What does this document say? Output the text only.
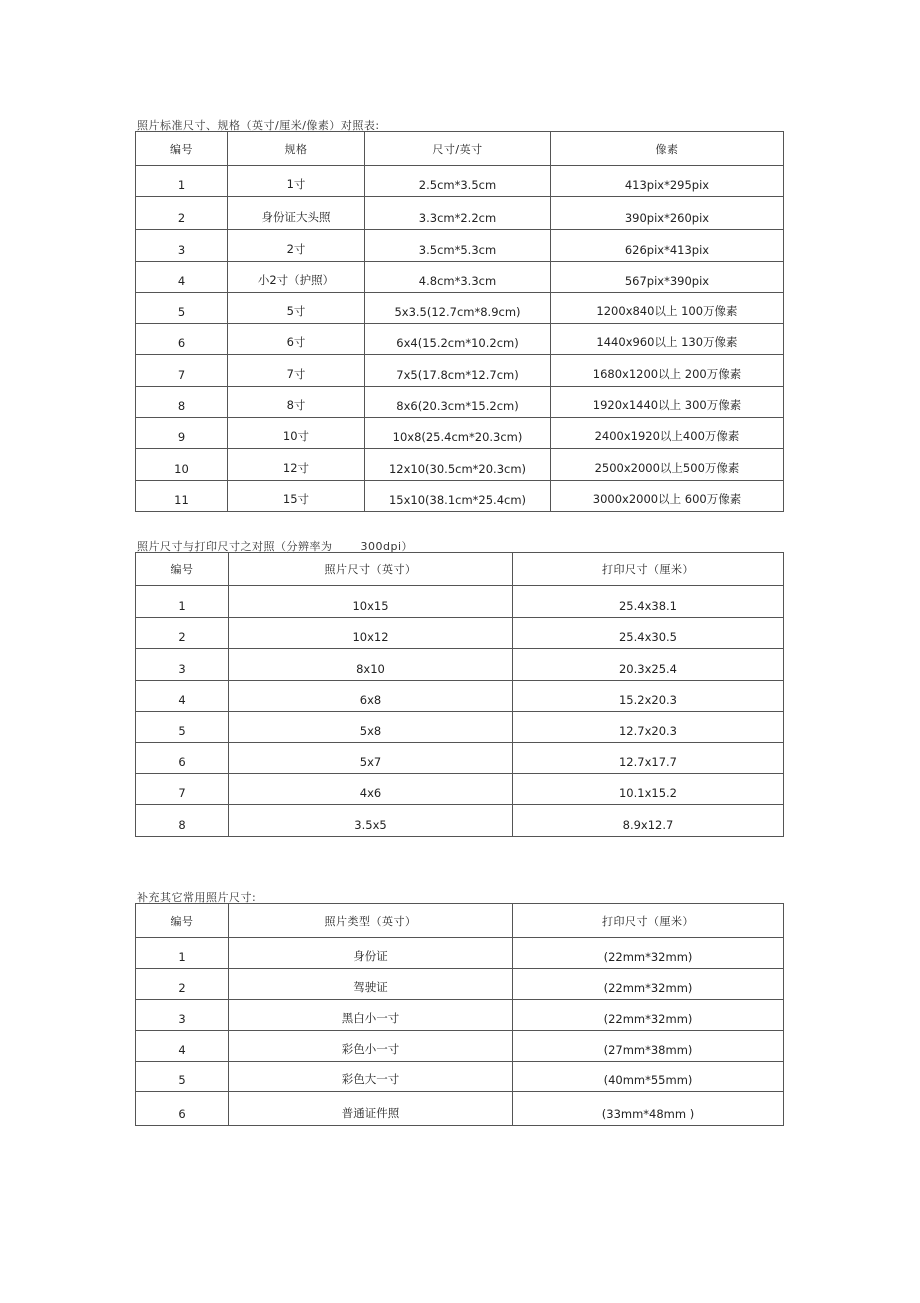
照片标准尺寸、规格（英寸/厘米/像素）对照表:
编号	规格	尺寸/英寸	像素
1	1寸	2.5cm*3.5cm	413pix*295pix
2	身份证大头照	3.3cm*2.2cm	390pix*260pix
3	2寸	3.5cm*5.3cm	626pix*413pix
4	小2寸（护照）	4.8cm*3.3cm	567pix*390pix
5	5寸	5x3.5(12.7cm*8.9cm)	1200x840以上 100万像素
6	6寸	6x4(15.2cm*10.2cm)	1440x960以上 130万像素
7	7寸	7x5(17.8cm*12.7cm)	1680x1200以上 200万像素
8	8寸	8x6(20.3cm*15.2cm)	1920x1440以上 300万像素
9	10寸	10x8(25.4cm*20.3cm)	2400x1920以上400万像素
10	12寸	12x10(30.5cm*20.3cm)	2500x2000以上500万像素
11	15寸	15x10(38.1cm*25.4cm)	3000x2000以上 600万像素
照片尺寸与打印尺寸之对照（分辨率为	300dpi）
编号	照片尺寸（英寸）	打印尺寸（厘米）
1	10x15	25.4x38.1
2	10x12	25.4x30.5
3	8x10	20.3x25.4
4	6x8	15.2x20.3
5	5x8	12.7x20.3
6	5x7	12.7x17.7
7	4x6	10.1x15.2
8	3.5x5	8.9x12.7
补充其它常用照片尺寸:
编号	照片类型（英寸）	打印尺寸（厘米）
1	身份证	(22mm*32mm)
2	驾驶证	(22mm*32mm)
3	黑白小一寸	(22mm*32mm)
4	彩色小一寸	(27mm*38mm)
5	彩色大一寸	(40mm*55mm)
6	普通证件照	(33mm*48mm )
